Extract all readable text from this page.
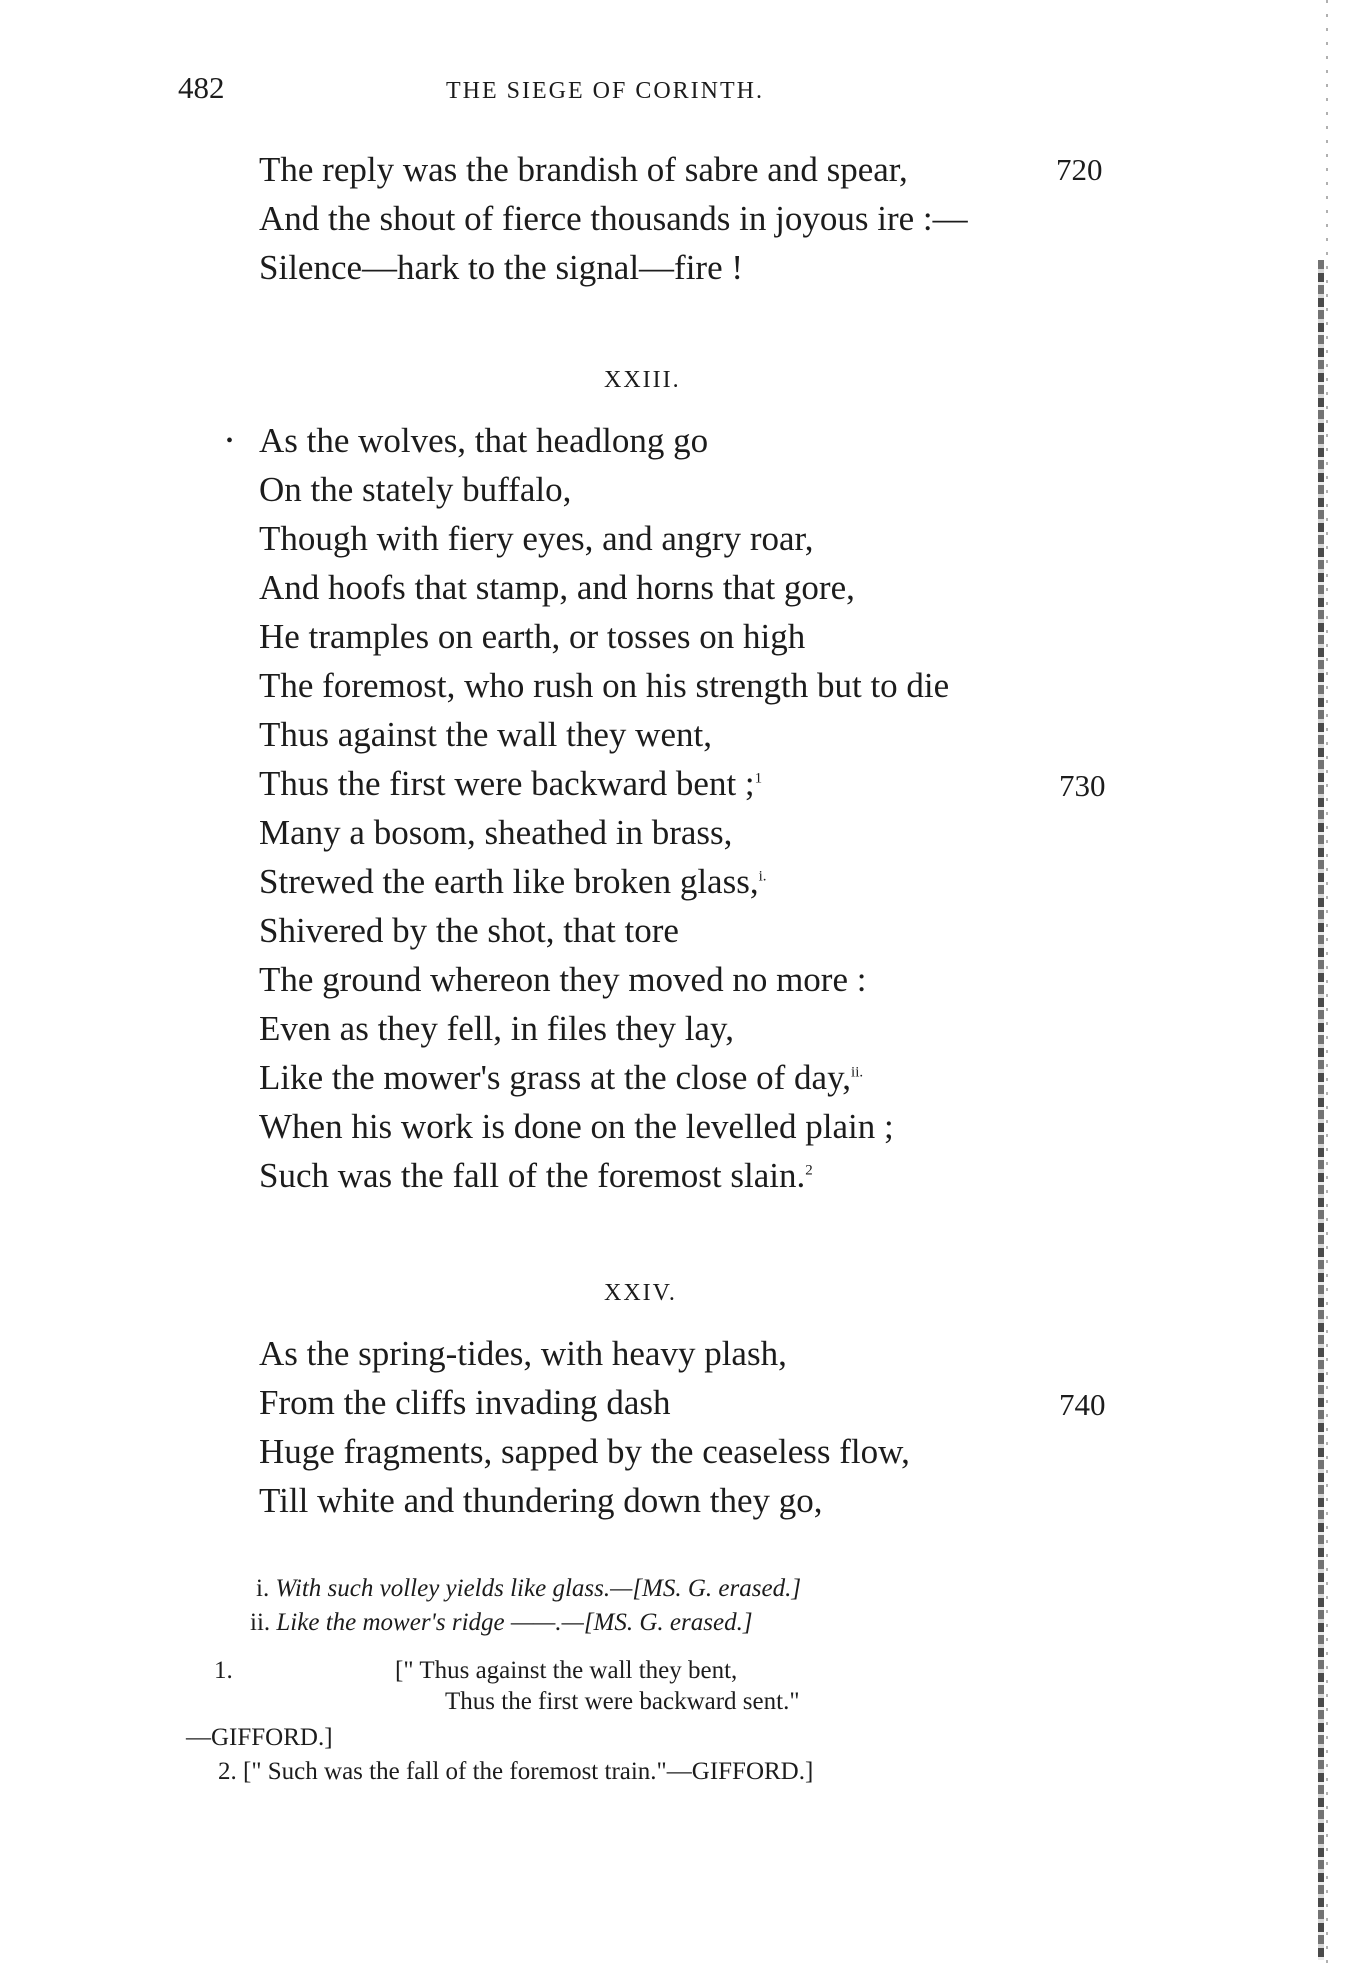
482	THE SIEGE OF CORINTH.
The reply was the brandish of sabre and spear,
And the shout of fierce thousands in joyous ire :—
Silence—hark to the signal—fire !
720
XXIII.
• As the wolves, that headlong go
On the stately buffalo,
Though with fiery eyes, and angry roar,
And hoofs that stamp, and horns that gore,
He tramples on earth, or tosses on high
The foremost, who rush on his strength but to die
Thus against the wall they went,
Thus the first were backward bent ;$^1$	730
Many a bosom, sheathed in brass,
Strewed the earth like broken glass,$^{i.}$
Shivered by the shot, that tore
The ground whereon they moved no more :
Even as they fell, in files they lay,
Like the mower's grass at the close of day,$^{ii.}$
When his work is done on the levelled plain ;
Such was the fall of the foremost slain.$^2$
XXIV.
As the spring-tides, with heavy plash,
From the cliffs invading dash	740
Huge fragments, sapped by the ceaseless flow,
Till white and thundering down they go,
i. With such volley yields like glass.—[MS. G. erased.]
ii. Like the mower's ridge ——.—[MS. G. erased.]
1.	[" Thus against the wall they bent,
Thus the first were backward sent."
—GIFFORD.]
2. [" Such was the fall of the foremost train."—GIFFORD.]
